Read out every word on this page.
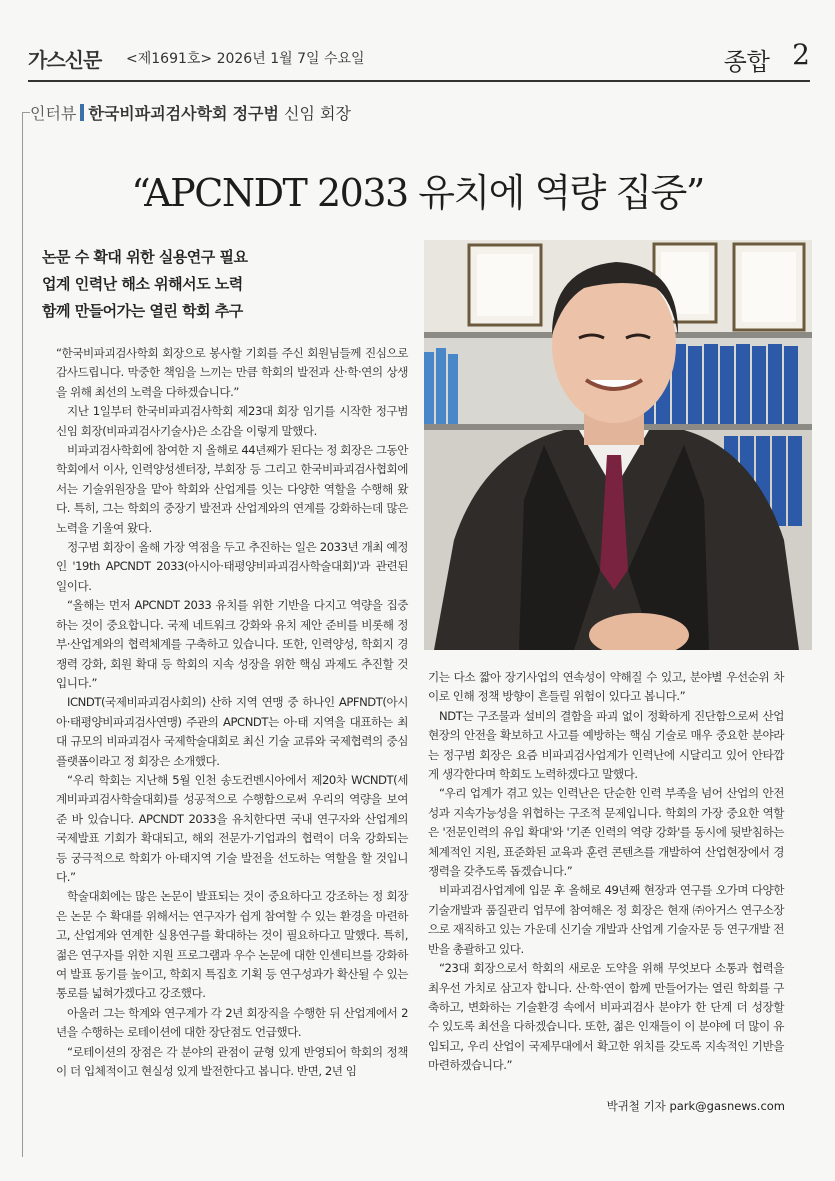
가스신문 <제1691호> 2026년 1월 7일 수요일	종합 2
인터뷰 한국비파괴검사학회 정구범 신임 회장
“APCNDT 2033 유치에 역량 집중”
논문 수 확대 위한 실용연구 필요
업계 인력난 해소 위해서도 노력
함께 만들어가는 열린 학회 추구

“한국비파괴검사학회 회장으로 봉사할 기회를 주신 회원님들께 진심으로 감사드립니다. 막중한 책임을 느끼는 만큼 학회의 발전과 산·학·연의 상생을 위해 최선의 노력을 다하겠습니다.”

지난 1일부터 한국비파괴검사학회 제23대 회장 임기를 시작한 정구범 신임 회장(비파괴검사기술사)은 소감을 이렇게 말했다.

비파괴검사학회에 참여한 지 올해로 44년째가 된다는 정 회장은 그동안 학회에서 이사, 인력양성센터장, 부회장 등 그리고 한국비파괴검사협회에서는 기술위원장을 맡아 학회와 산업계를 잇는 다양한 역할을 수행해 왔다. 특히, 그는 학회의 중장기 발전과 산업계와의 연계를 강화하는데 많은 노력을 기울여 왔다.

정구범 회장이 올해 가장 역점을 두고 추진하는 일은 2033년 개최 예정인 '19th APCNDT 2033(아시아·태평양비파괴검사학술대회)'과 관련된 일이다.

“올해는 먼저 APCNDT 2033 유치를 위한 기반을 다지고 역량을 집중하는 것이 중요합니다. 국제 네트워크 강화와 유치 제안 준비를 비롯해 정부·산업계와의 협력체계를 구축하고 있습니다. 또한, 인력양성, 학회지 경쟁력 강화, 회원 확대 등 학회의 지속 성장을 위한 핵심 과제도 추진할 것입니다.”

ICNDT(국제비파괴검사회의) 산하 지역 연맹 중 하나인 APFNDT(아시아·태평양비파괴검사연맹) 주관의 APCNDT는 아·태 지역을 대표하는 최대 규모의 비파괴검사 국제학술대회로 최신 기술 교류와 국제협력의 중심 플랫폼이라고 정 회장은 소개했다.

“우리 학회는 지난해 5월 인천 송도컨벤시아에서 제20차 WCNDT(세계비파괴검사학술대회)를 성공적으로 수행함으로써 우리의 역량을 보여준 바 있습니다. APCNDT 2033을 유치한다면 국내 연구자와 산업계의 국제발표 기회가 확대되고, 해외 전문가·기업과의 협력이 더욱 강화되는 등 궁극적으로 학회가 아·태지역 기술 발전을 선도하는 역할을 할 것입니다.”

학술대회에는 많은 논문이 발표되는 것이 중요하다고 강조하는 정 회장은 논문 수 확대를 위해서는 연구자가 쉽게 참여할 수 있는 환경을 마련하고, 산업계와 연계한 실용연구를 확대하는 것이 필요하다고 말했다. 특히, 젊은 연구자를 위한 지원 프로그램과 우수 논문에 대한 인센티브를 강화하여 발표 동기를 높이고, 학회지 특집호 기획 등 연구성과가 확산될 수 있는 통로를 넓혀가겠다고 강조했다.

아울러 그는 학계와 연구계가 각 2년 회장직을 수행한 뒤 산업계에서 2년을 수행하는 로테이션에 대한 장단점도 언급했다.

“로테이션의 장점은 각 분야의 관점이 균형 있게 반영되어 학회의 정책이 더 입체적이고 현실성 있게 발전한다고 봅니다. 반면, 2년 임

기는 다소 짧아 장기사업의 연속성이 약해질 수 있고, 분야별 우선순위 차이로 인해 정책 방향이 흔들릴 위험이 있다고 봅니다.”

NDT는 구조물과 설비의 결함을 파괴 없이 정확하게 진단함으로써 산업현장의 안전을 확보하고 사고를 예방하는 핵심 기술로 매우 중요한 분야라는 정구범 회장은 요즘 비파괴검사업계가 인력난에 시달리고 있어 안타깝게 생각한다며 학회도 노력하겠다고 말했다.

“우리 업계가 겪고 있는 인력난은 단순한 인력 부족을 넘어 산업의 안전성과 지속가능성을 위협하는 구조적 문제입니다. 학회의 가장 중요한 역할은 '전문인력의 유입 확대'와 '기존 인력의 역량 강화'를 동시에 뒷받침하는 체계적인 지원, 표준화된 교육과 훈련 콘텐츠를 개발하여 산업현장에서 경쟁력을 갖추도록 돕겠습니다.”

비파괴검사업계에 입문 후 올해로 49년째 현장과 연구를 오가며 다양한 기술개발과 품질관리 업무에 참여해온 정 회장은 현재 ㈜아거스 연구소장으로 재직하고 있는 가운데 신기술 개발과 산업계 기술자문 등 연구개발 전반을 총괄하고 있다.

“23대 회장으로서 학회의 새로운 도약을 위해 무엇보다 소통과 협력을 최우선 가치로 삼고자 합니다. 산·학·연이 함께 만들어가는 열린 학회를 구축하고, 변화하는 기술환경 속에서 비파괴검사 분야가 한 단계 더 성장할 수 있도록 최선을 다하겠습니다. 또한, 젊은 인재들이 이 분야에 더 많이 유입되고, 우리 산업이 국제무대에서 확고한 위치를 갖도록 지속적인 기반을 마련하겠습니다.”

박귀철 기자 park@gasnews.com
